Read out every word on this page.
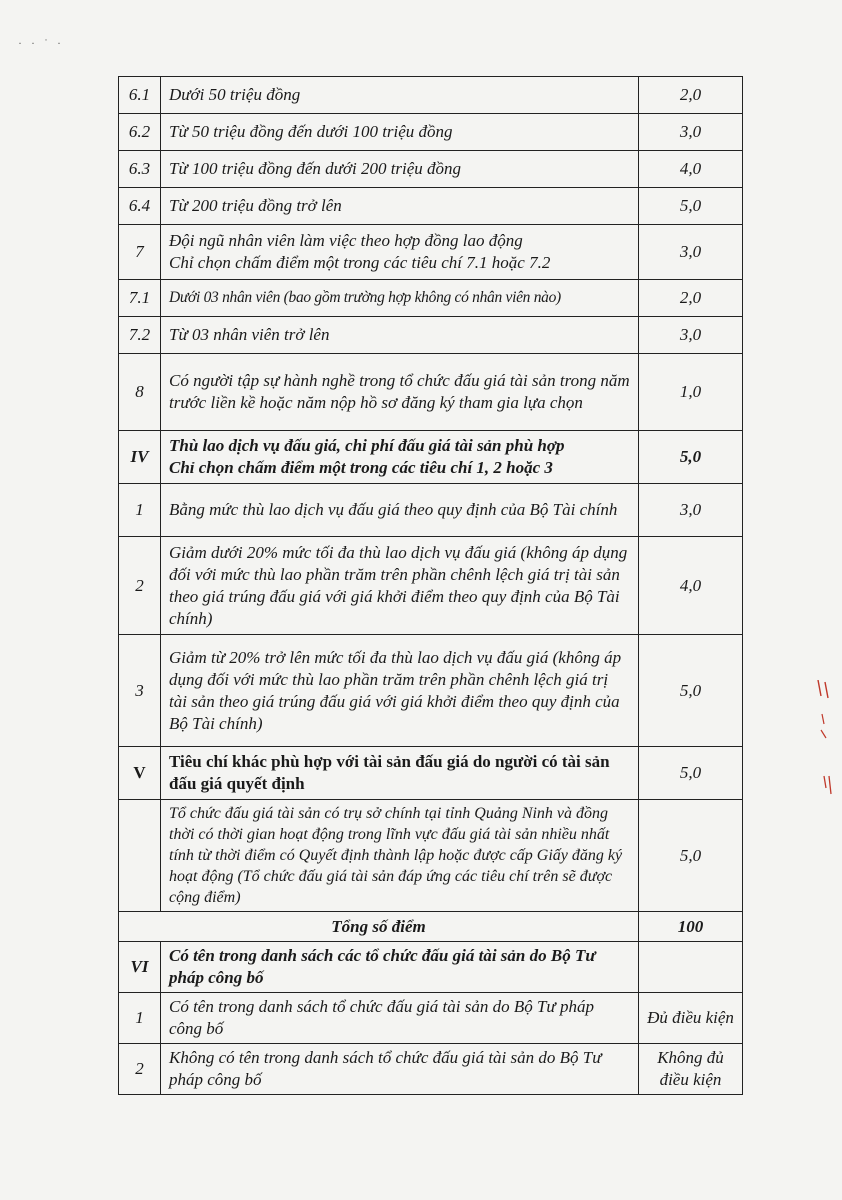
· · ˙ ·
6.1	Dưới 50 triệu đồng	2,0
6.2	Từ 50 triệu đồng đến dưới 100 triệu đồng	3,0
6.3	Từ 100 triệu đồng đến dưới 200 triệu đồng	4,0
6.4	Từ 200 triệu đồng trở lên	5,0
7	Đội ngũ nhân viên làm việc theo hợp đồng lao động
Chỉ chọn chấm điểm một trong các tiêu chí 7.1 hoặc 7.2	3,0
7.1	Dưới 03 nhân viên (bao gồm trường hợp không có nhân viên nào)	2,0
7.2	Từ 03 nhân viên trở lên	3,0
8	Có người tập sự hành nghề trong tổ chức đấu giá tài sản trong năm trước liền kề hoặc năm nộp hồ sơ đăng ký tham gia lựa chọn	1,0
IV	Thù lao dịch vụ đấu giá, chi phí đấu giá tài sản phù hợp
Chỉ chọn chấm điểm một trong các tiêu chí 1, 2 hoặc 3	5,0
1	Bằng mức thù lao dịch vụ đấu giá theo quy định của Bộ Tài chính	3,0
2	Giảm dưới 20% mức tối đa thù lao dịch vụ đấu giá (không áp dụng đối với mức thù lao phần trăm trên phần chênh lệch giá trị tài sản theo giá trúng đấu giá với giá khởi điểm theo quy định của Bộ Tài chính)	4,0
3	Giảm từ 20% trở lên mức tối đa thù lao dịch vụ đấu giá (không áp dụng đối với mức thù lao phần trăm trên phần chênh lệch giá trị tài sản theo giá trúng đấu giá với giá khởi điểm theo quy định của Bộ Tài chính)	5,0
V	Tiêu chí khác phù hợp với tài sản đấu giá do người có tài sản đấu giá quyết định	5,0

	Tổ chức đấu giá tài sản có trụ sở chính tại tỉnh Quảng Ninh và đồng thời có thời gian hoạt động trong lĩnh vực đấu giá tài sản nhiều nhất tính từ thời điểm có Quyết định thành lập hoặc được cấp Giấy đăng ký hoạt động (Tổ chức đấu giá tài sản đáp ứng các tiêu chí trên sẽ được cộng điểm)	5,0
Tổng số điểm		100
VI	Có tên trong danh sách các tổ chức đấu giá tài sản do Bộ Tư pháp công bố	

1	Có tên trong danh sách tổ chức đấu giá tài sản do Bộ Tư pháp công bố	Đủ điều kiện
2	Không có tên trong danh sách tổ chức đấu giá tài sản do Bộ Tư pháp công bố	Không đủ điều kiện
